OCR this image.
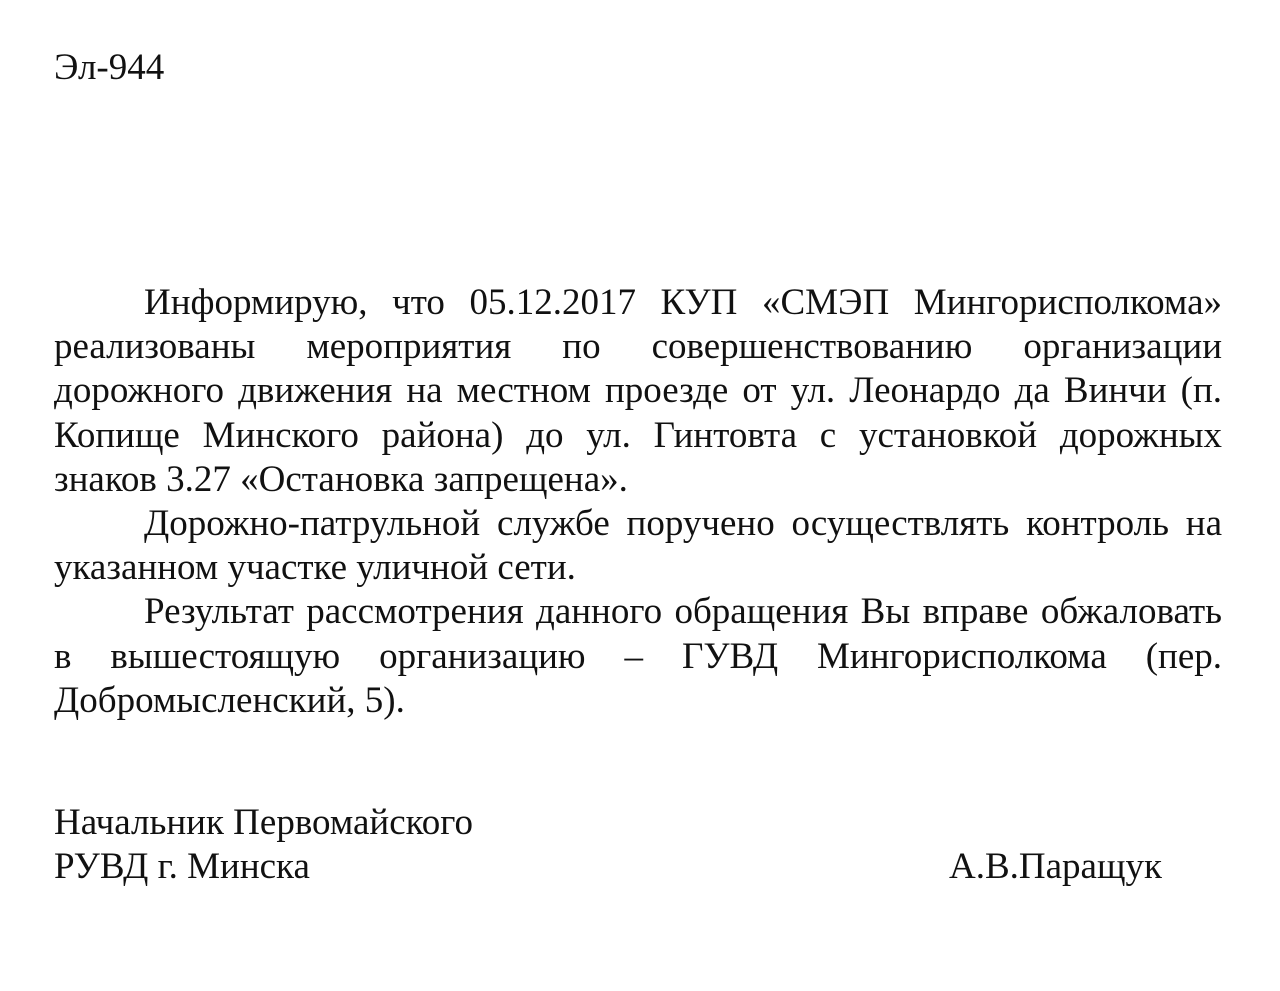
Эл-944

Информирую, что 05.12.2017 КУП «СМЭП Мингорисполкома» реализованы мероприятия по совершенствованию организации дорожного движения на местном проезде от ул. Леонардо да Винчи (п. Копище Минского района) до ул. Гинтовта с установкой дорожных знаков 3.27 «Остановка запрещена».

Дорожно-патрульной службе поручено осуществлять контроль на указанном участке уличной сети.

Результат рассмотрения данного обращения Вы вправе обжаловать в вышестоящую организацию – ГУВД Мингорисполкома (пер. Добромысленский, 5).

Начальник Первомайского
РУВД г. Минска	А.В.Паращук
